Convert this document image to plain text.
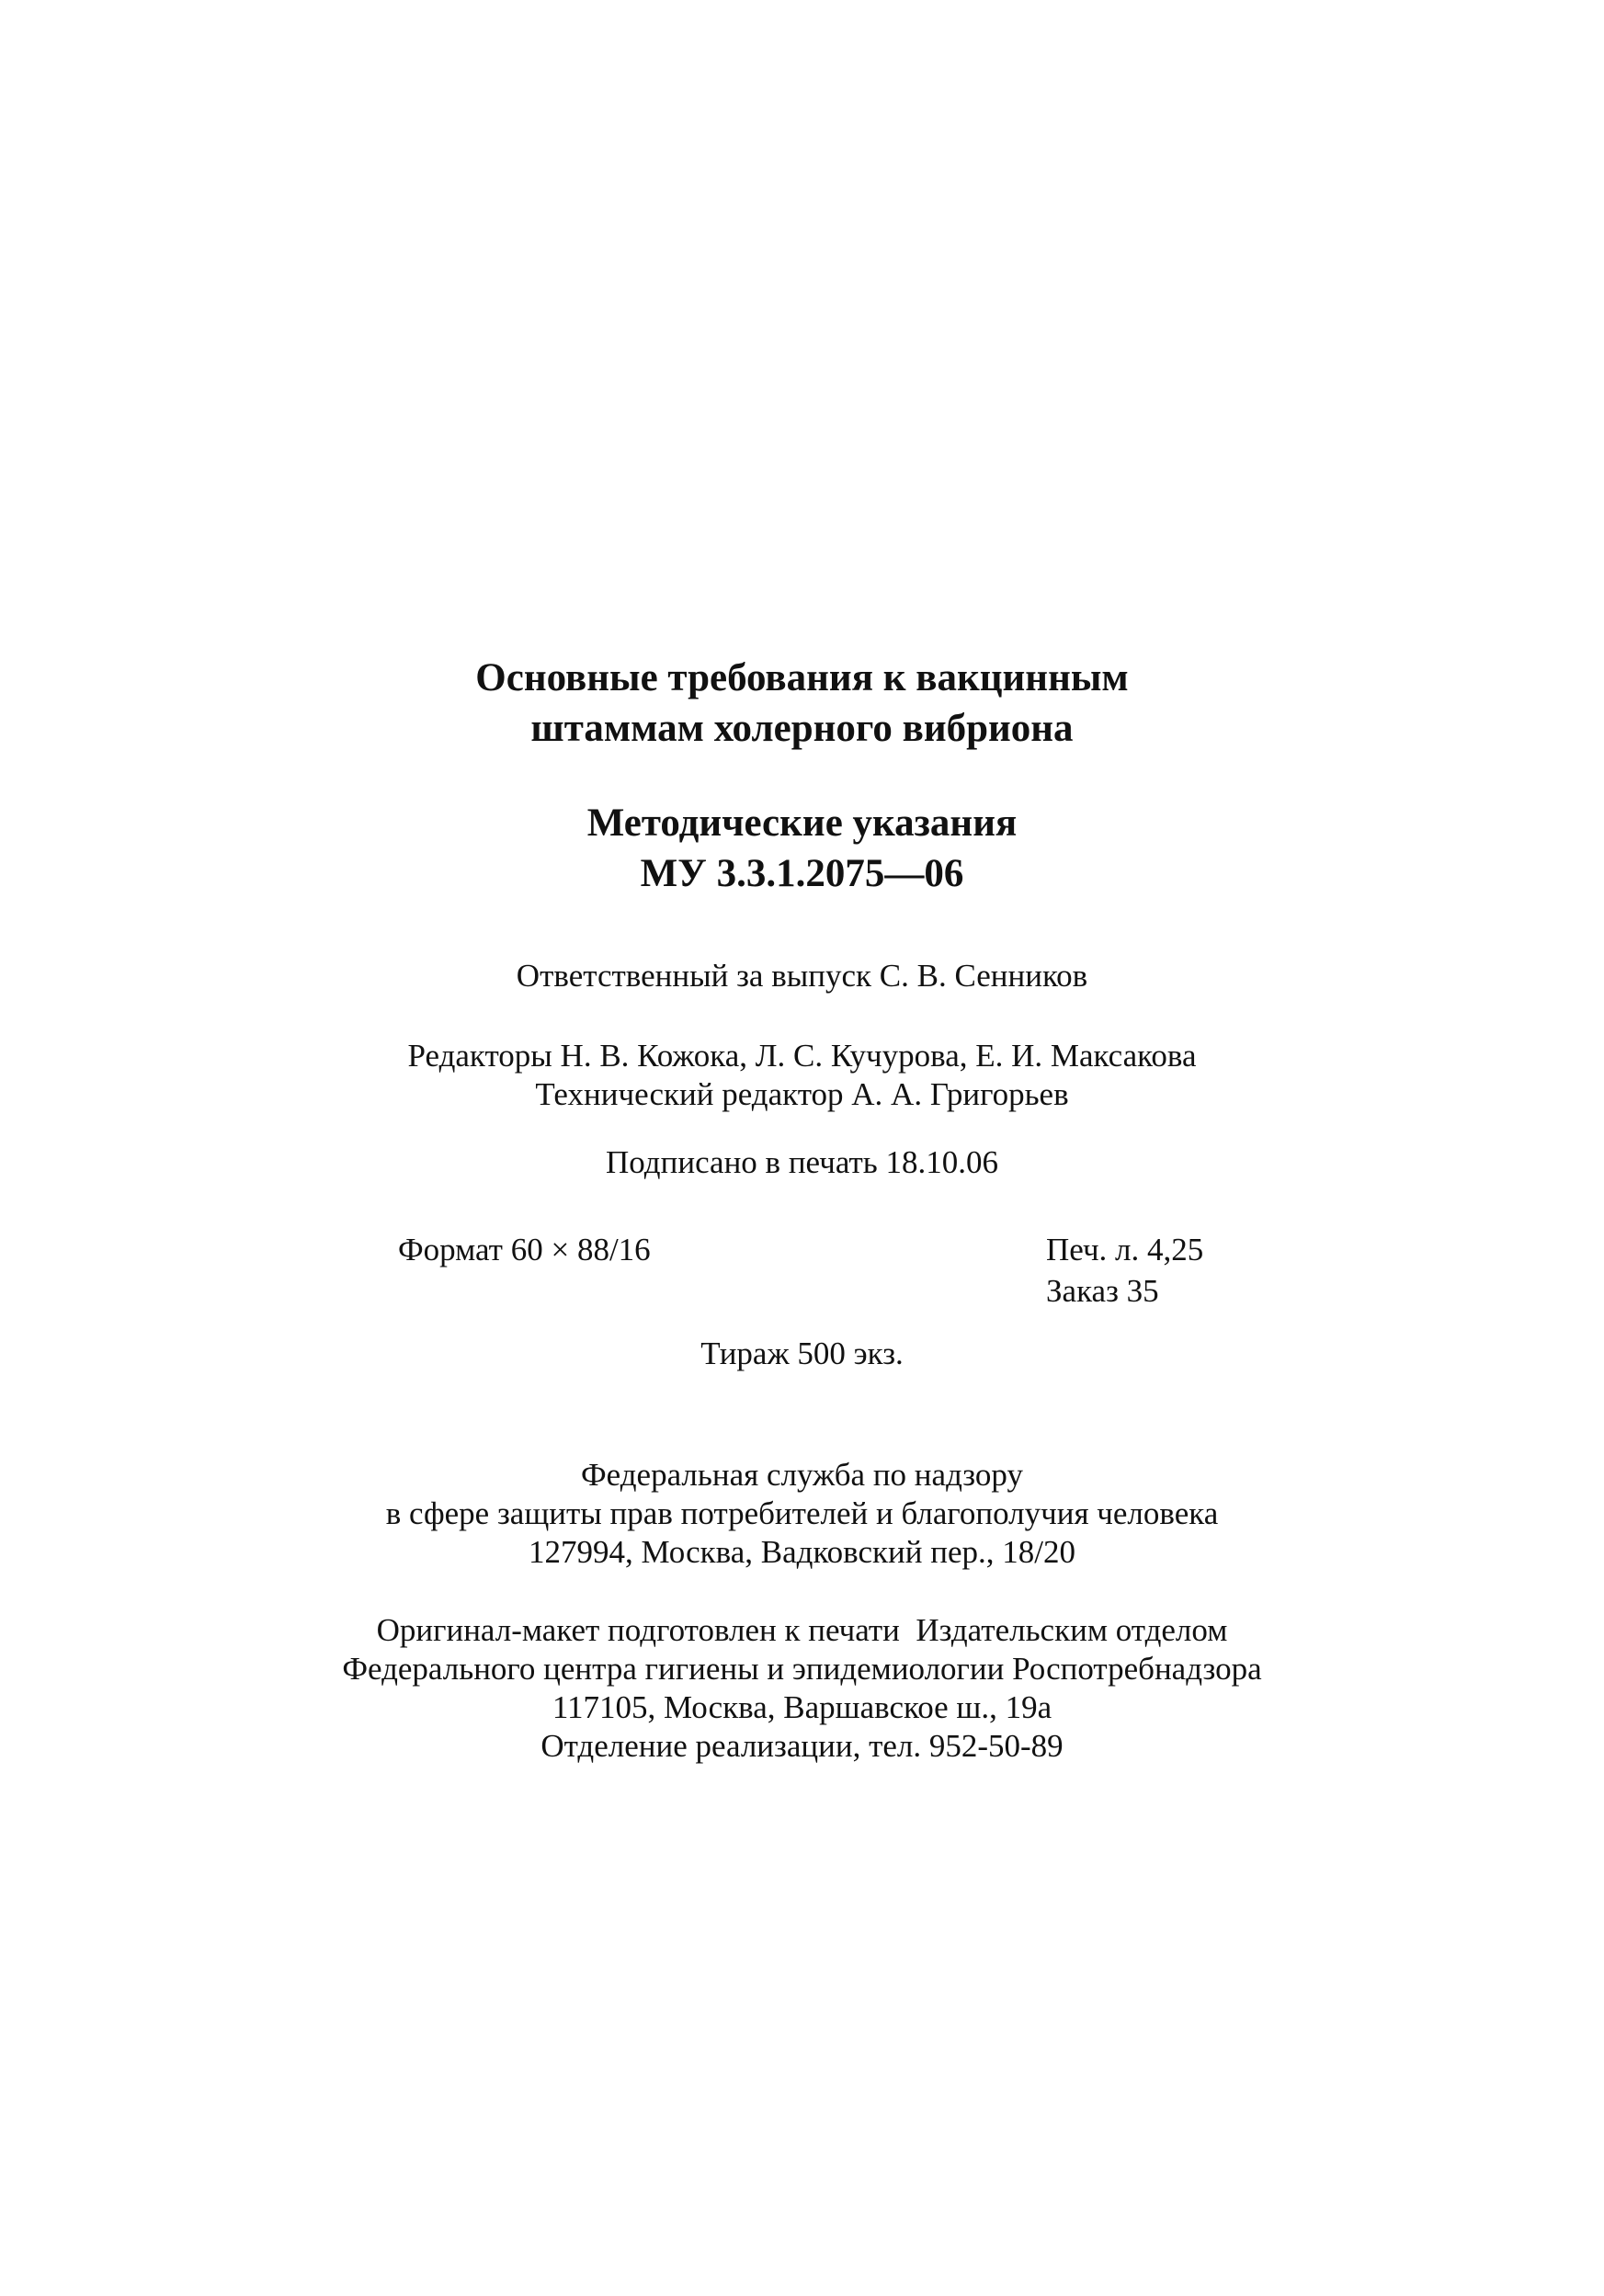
Основные требования к вакцинным
штаммам холерного вибриона
Методические указания
МУ 3.3.1.2075—06
Ответственный за выпуск С. В. Сенников
Редакторы Н. В. Кожока, Л. С. Кучурова, Е. И. Максакова
Технический редактор А. А. Григорьев
Подписано в печать 18.10.06
Формат 60 × 88/16	Печ. л. 4,25
Заказ 35
Тираж 500 экз.
Федеральная служба по надзору
в сфере защиты прав потребителей и благополучия человека
127994, Москва, Вадковский пер., 18/20
Оригинал-макет подготовлен к печати  Издательским отделом
Федерального центра гигиены и эпидемиологии Роспотребнадзора
117105, Москва, Варшавское ш., 19а
Отделение реализации, тел. 952-50-89
